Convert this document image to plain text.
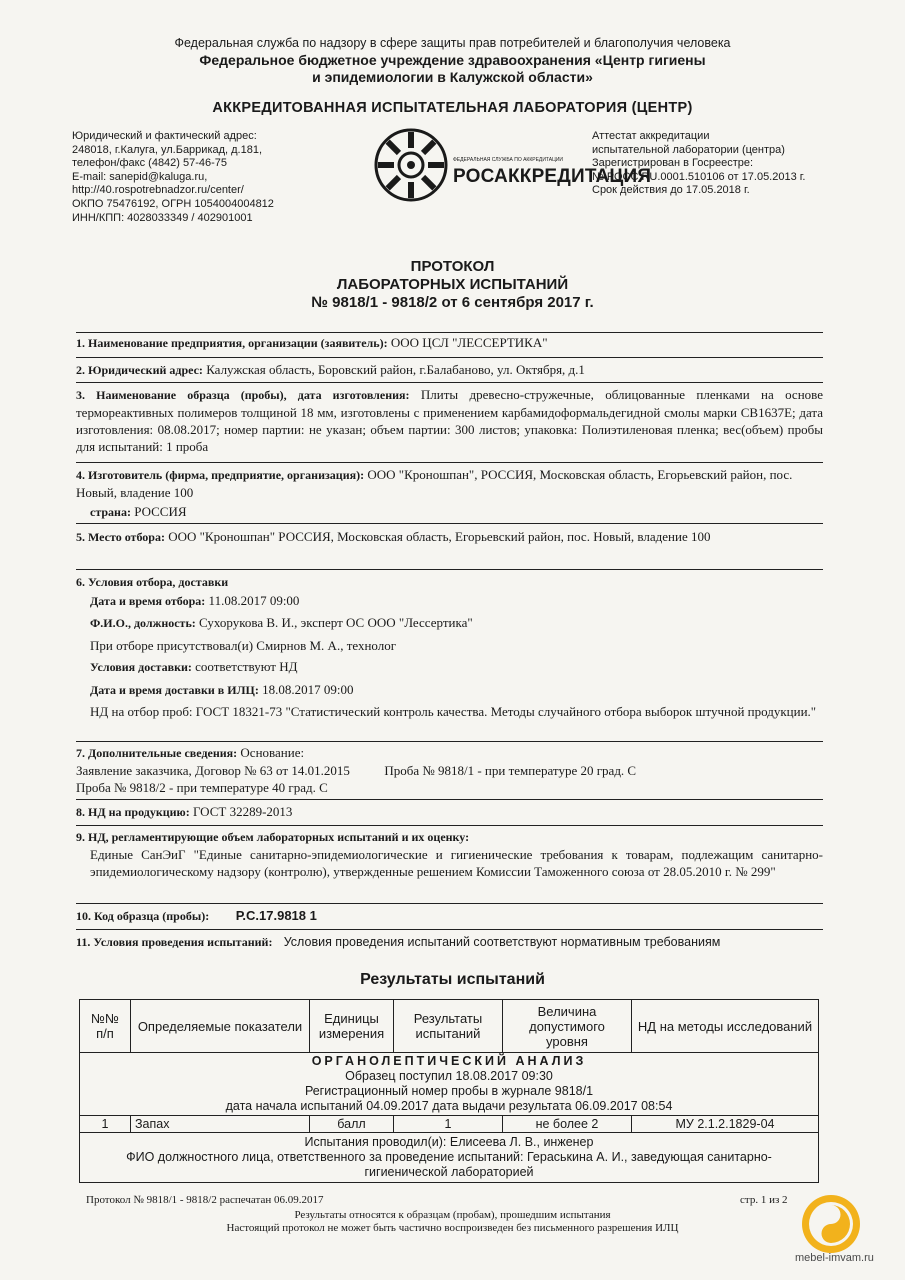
Федеральная служба по надзору в сфере защиты прав потребителей и благополучия человека
Федеральное бюджетное учреждение здравоохранения «Центр гигиены
и эпидемиологии в Калужской области»
АККРЕДИТОВАННАЯ ИСПЫТАТЕЛЬНАЯ ЛАБОРАТОРИЯ (ЦЕНТР)
Юридический и фактический адрес:
248018, г.Калуга, ул.Баррикад, д.181,
телефон/факс (4842) 57-46-75
E-mail: sanepid@kaluga.ru,
http://40.rospotrebnadzor.ru/center/
ОКПО 75476192, ОГРН 1054004004812
ИНН/КПП: 4028033349 / 402901001
ФЕДЕРАЛЬНАЯ СЛУЖБА ПО АККРЕДИТАЦИИ
РОСАККРЕДИТАЦИЯ
Аттестат аккредитации
испытательной лаборатории (центра)
Зарегистрирован в Госреестре:
№ РОСС RU.0001.510106 от 17.05.2013 г.
Срок действия до 17.05.2018 г.
ПРОТОКОЛ
ЛАБОРАТОРНЫХ ИСПЫТАНИЙ
№ 9818/1 - 9818/2 от 6 сентября 2017 г.
1. Наименование предприятия, организации (заявитель): ООО ЦСЛ "ЛЕССЕРТИКА"
2. Юридический адрес: Калужская область, Боровский район, г.Балабаново, ул. Октября, д.1
3. Наименование образца (пробы), дата изготовления: Плиты древесно-стружечные, облицованные пленками на основе термореактивных полимеров толщиной 18 мм, изготовлены с применением карбамидоформальдегидной смолы марки СВ1637Е; дата изготовления: 08.08.2017; номер партии: не указан; объем партии: 300 листов; упаковка: Полиэтиленовая пленка; вес(объем) пробы для испытаний: 1 проба
4. Изготовитель (фирма, предприятие, организация): ООО "Кроношпан", РОССИЯ, Московская область, Егорьевский район, пос. Новый, владение 100
страна: РОССИЯ
5. Место отбора: ООО "Кроношпан" РОССИЯ, Московская область, Егорьевский район, пос. Новый, владение 100
6. Условия отбора, доставки
Дата и время отбора: 11.08.2017 09:00
Ф.И.О., должность: Сухорукова В. И., эксперт ОС ООО "Лессертика"
При отборе присутствовал(и) Смирнов М. А., технолог
Условия доставки: соответствуют НД
Дата и время доставки в ИЛЦ: 18.08.2017 09:00
НД на отбор проб: ГОСТ 18321-73 "Статистический контроль качества. Методы случайного отбора выборок штучной продукции."
7. Дополнительные сведения: Основание:
Заявление заказчика, Договор № 63 от 14.01.2015	Проба № 9818/1 - при температуре 20 град. С
Проба № 9818/2 - при температуре 40 град. С
8. НД на продукцию: ГОСТ 32289-2013
9. НД, регламентирующие объем лабораторных испытаний и их оценку:
Единые СанЭиГ "Единые санитарно-эпидемиологические и гигиенические требования к товарам, подлежащим санитарно-эпидемиологическому надзору (контролю), утвержденные решением Комиссии Таможенного союза от 28.05.2010 г. № 299"
10. Код образца (пробы): Р.С.17.9818 1
11. Условия проведения испытаний: Условия проведения испытаний соответствуют нормативным требованиям
Результаты испытаний
№№ п/п	Определяемые показатели	Единицы измерения	Результаты испытаний	Величина допустимого уровня	НД на методы исследований

ОРГАНОЛЕПТИЧЕСКИЙ АНАЛИЗ
Образец поступил 18.08.2017 09:30
Регистрационный номер пробы в журнале 9818/1
дата начала испытаний 04.09.2017 дата выдачи результата 06.09.2017 08:54					

1	Запах	балл	1	не более 2	МУ 2.1.2.1829-04

Испытания проводил(и): Елисеева Л. В., инженер
ФИО должностного лица, ответственного за проведение испытаний: Гераськина А. И., заведующая санитарно-гигиенической лабораторией					
Протокол № 9818/1 - 9818/2 распечатан 06.09.2017	стр. 1 из 2
Результаты относятся к образцам (пробам), прошедшим испытания
Настоящий протокол не может быть частично воспроизведен без письменного разрешения ИЛЦ
mebel-imvam.ru
